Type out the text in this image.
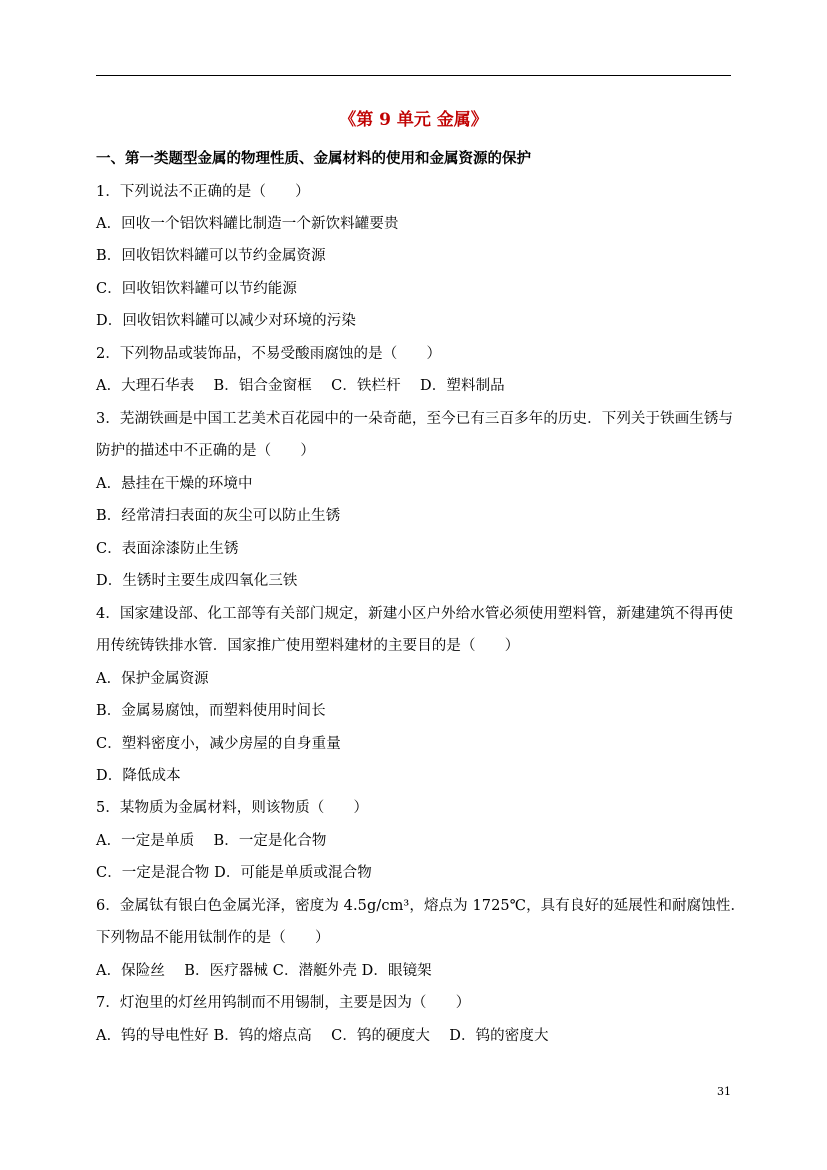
《第 9 单元 金属》
一、第一类题型金属的物理性质、金属材料的使用和金属资源的保护
1．下列说法不正确的是（　　）
A．回收一个铝饮料罐比制造一个新饮料罐要贵
B．回收铝饮料罐可以节约金属资源
C．回收铝饮料罐可以节约能源
D．回收铝饮料罐可以减少对环境的污染
2．下列物品或装饰品，不易受酸雨腐蚀的是（　　）
A．大理石华表　 B．铝合金窗框　 C．铁栏杆　 D．塑料制品
3．芜湖铁画是中国工艺美术百花园中的一朵奇葩，至今已有三百多年的历史．下列关于铁画生锈与
防护的描述中不正确的是（　　）
A．悬挂在干燥的环境中
B．经常清扫表面的灰尘可以防止生锈
C．表面涂漆防止生锈
D．生锈时主要生成四氧化三铁
4．国家建设部、化工部等有关部门规定，新建小区户外给水管必须使用塑料管，新建建筑不得再使
用传统铸铁排水管．国家推广使用塑料建材的主要目的是（　　）
A．保护金属资源
B．金属易腐蚀，而塑料使用时间长
C．塑料密度小，减少房屋的自身重量
D．降低成本
5．某物质为金属材料，则该物质（　　）
A．一定是单质　 B．一定是化合物
C．一定是混合物 D．可能是单质或混合物
6．金属钛有银白色金属光泽，密度为 4.5g/cm³，熔点为 1725℃，具有良好的延展性和耐腐蚀性．
下列物品不能用钛制作的是（　　）
A．保险丝　 B．医疗器械 C．潜艇外壳 D．眼镜架
7．灯泡里的灯丝用钨制而不用锡制，主要是因为（　　）
A．钨的导电性好 B．钨的熔点高　 C．钨的硬度大　 D．钨的密度大
31
